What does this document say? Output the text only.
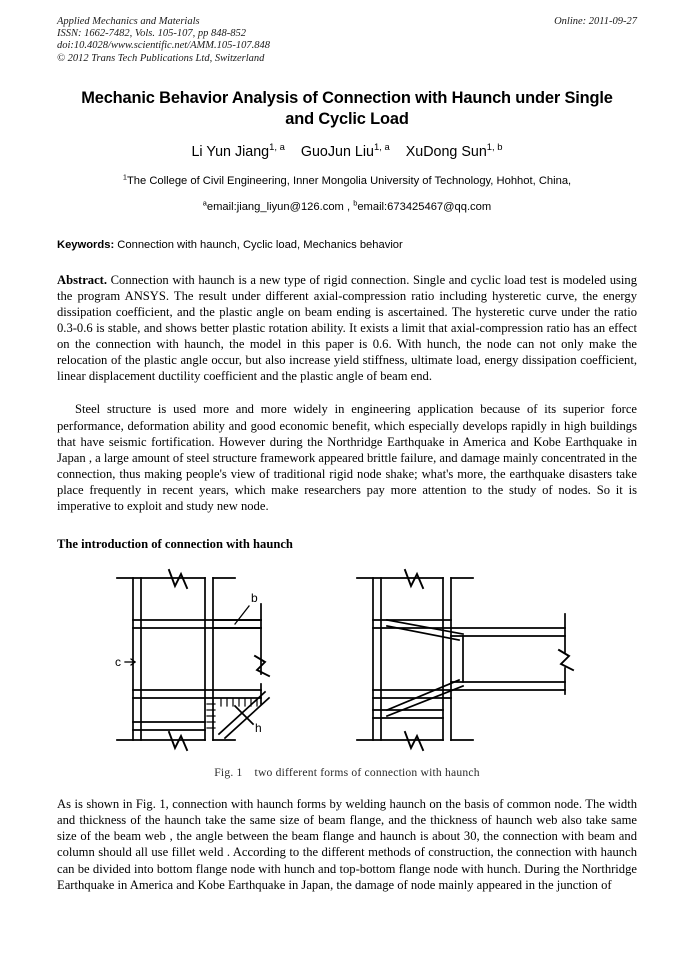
Applied Mechanics and Materials
ISSN: 1662-7482, Vols. 105-107, pp 848-852
doi:10.4028/www.scientific.net/AMM.105-107.848
© 2012 Trans Tech Publications Ltd, Switzerland
Online: 2011-09-27
Mechanic Behavior Analysis of Connection with Haunch under Single
and Cyclic Load
Li Yun Jiang$^{1, a}$ GuoJun Liu$^{1, a}$ XuDong Sun$^{1, b}$
$^1$The College of Civil Engineering, Inner Mongolia University of Technology, Hohhot, China,
$^a$email:jiang_liyun@126.com , $^b$email:673425467@qq.com
Keywords: Connection with haunch, Cyclic load, Mechanics behavior
Abstract. Connection with haunch is a new type of rigid connection. Single and cyclic load test is modeled using the program ANSYS. The result under different axial-compression ratio including hysteretic curve, the energy dissipation coefficient, and the plastic angle on beam ending is ascertained. The hysteretic curve under the ratio 0.3-0.6 is stable, and shows better plastic rotation ability. It exists a limit that axial-compression ratio has an effect on the connection with haunch, the model in this paper is 0.6. With hunch, the node can not only make the relocation of the plastic angle occur, but also increase yield stiffness, ultimate load, energy dissipation coefficient, linear displacement ductility coefficient and the plastic angle of beam end.
Steel structure is used more and more widely in engineering application because of its superior force performance, deformation ability and good economic benefit, which especially develops rapidly in high buildings that have seismic fortification. However during the Northridge Earthquake in America and Kobe Earthquake in Japan , a large amount of steel structure framework appeared brittle failure, and damage mainly concentrated in the connection, thus making people's view of traditional rigid node shake; what's more, the earthquake disasters take place frequently in recent years, which make researchers pay more attention to the study of nodes. So it is imperative to exploit and study new node.
The introduction of connection with haunch
b
c
h
Fig. 1 two different forms of connection with haunch
As is shown in Fig. 1, connection with haunch forms by welding haunch on the basis of common node. The width and thickness of the haunch take the same size of beam flange, and the thickness of haunch web also take same size of the beam web , the angle between the beam flange and haunch is about 30, the connection with beam and column should all use fillet weld . According to the different methods of construction, the connection with haunch can be divided into bottom flange node with hunch and top-bottom flange node with hunch. During the Northridge Earthquake in America and Kobe Earthquake in Japan, the damage of node mainly appeared in the junction of
